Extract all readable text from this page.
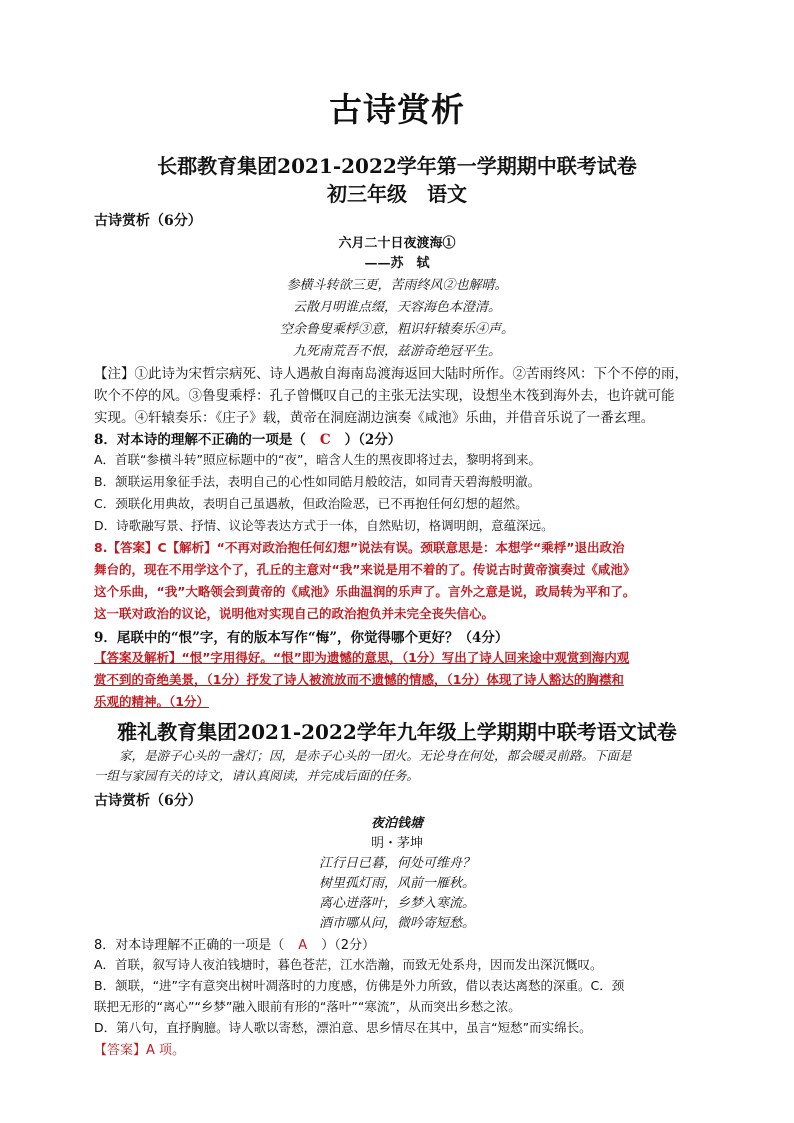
古诗赏析
长郡教育集团2021-2022学年第一学期期中联考试卷
初三年级　语文
古诗赏析（6分）
六月二十日夜渡海①
——苏　轼
参横斗转欲三更，苦雨终风②也解晴。
云散月明谁点缀，天容海色本澄清。
空余鲁叟乘桴③意，粗识轩辕奏乐④声。
九死南荒吾不恨，兹游奇绝冠平生。
【注】①此诗为宋哲宗病死、诗人遇赦自海南岛渡海返回大陆时所作。②苦雨终风：下个不停的雨，
吹个不停的风。③鲁叟乘桴：孔子曾慨叹自己的主张无法实现，设想坐木筏到海外去，也许就可能
实现。④轩辕奏乐：《庄子》载，黄帝在洞庭湖边演奏《咸池》乐曲，并借音乐说了一番玄理。
8．对本诗的理解不正确的一项是（ C ）（2分）
A．首联“参横斗转”照应标题中的“夜”，暗含人生的黑夜即将过去，黎明将到来。
B．颔联运用象征手法，表明自己的心性如同皓月般皎洁，如同青天碧海般明澈。
C．颈联化用典故，表明自己虽遇赦，但政治险恶，已不再抱任何幻想的超然。
D．诗歌融写景、抒情、议论等表达方式于一体，自然贴切，格调明朗，意蕴深远。
8.【答案】C【解析】“不再对政治抱任何幻想”说法有误。颈联意思是：本想学“乘桴”退出政治
舞台的，现在不用学这个了，孔丘的主意对“我”来说是用不着的了。传说古时黄帝演奏过《咸池》
这个乐曲，“我”大略领会到黄帝的《咸池》乐曲温润的乐声了。言外之意是说，政局转为平和了。
这一联对政治的议论，说明他对实现自己的政治抱负并未完全丧失信心。
9．尾联中的“恨”字，有的版本写作“悔”，你觉得哪个更好？（4分）
【答案及解析】“恨”字用得好。“恨”即为遗憾的意思，（1分）写出了诗人回来途中观赏到海内观
赏不到的奇绝美景，（1分）抒发了诗人被流放而不遗憾的情感，（1分）体现了诗人豁达的胸襟和
乐观的精神。（1分）
雅礼教育集团2021-2022学年九年级上学期期中联考语文试卷
　　家，是游子心头的一盏灯；因，是赤子心头的一团火。无论身在何处，都会暖灵前路。下面是
一组与家园有关的诗文，请认真阅读，并完成后面的任务。
古诗赏析（6分）
夜泊钱塘
明・茅坤
江行日已暮，何处可维舟？
树里孤灯雨，风前一雁秋。
离心迸落叶，乡梦入寒流。
酒市哪从问，微吟寄短愁。
8．对本诗理解不正确的一项是（ A ）（2分）
A．首联，叙写诗人夜泊钱塘时，暮色苍茫，江水浩瀚，而致无处系舟，因而发出深沉慨叹。
B．颔联，“进”字有意突出树叶凋落时的力度感，仿佛是外力所致，借以表达离愁的深重。C．颈
联把无形的“离心”“乡梦”融入眼前有形的“落叶”“寒流”，从而突出乡愁之浓。
D．第八句，直抒胸臆。诗人歌以寄愁，漂泊意、思乡情尽在其中，虽言“短愁”而实绵长。
【答案】A 项。
